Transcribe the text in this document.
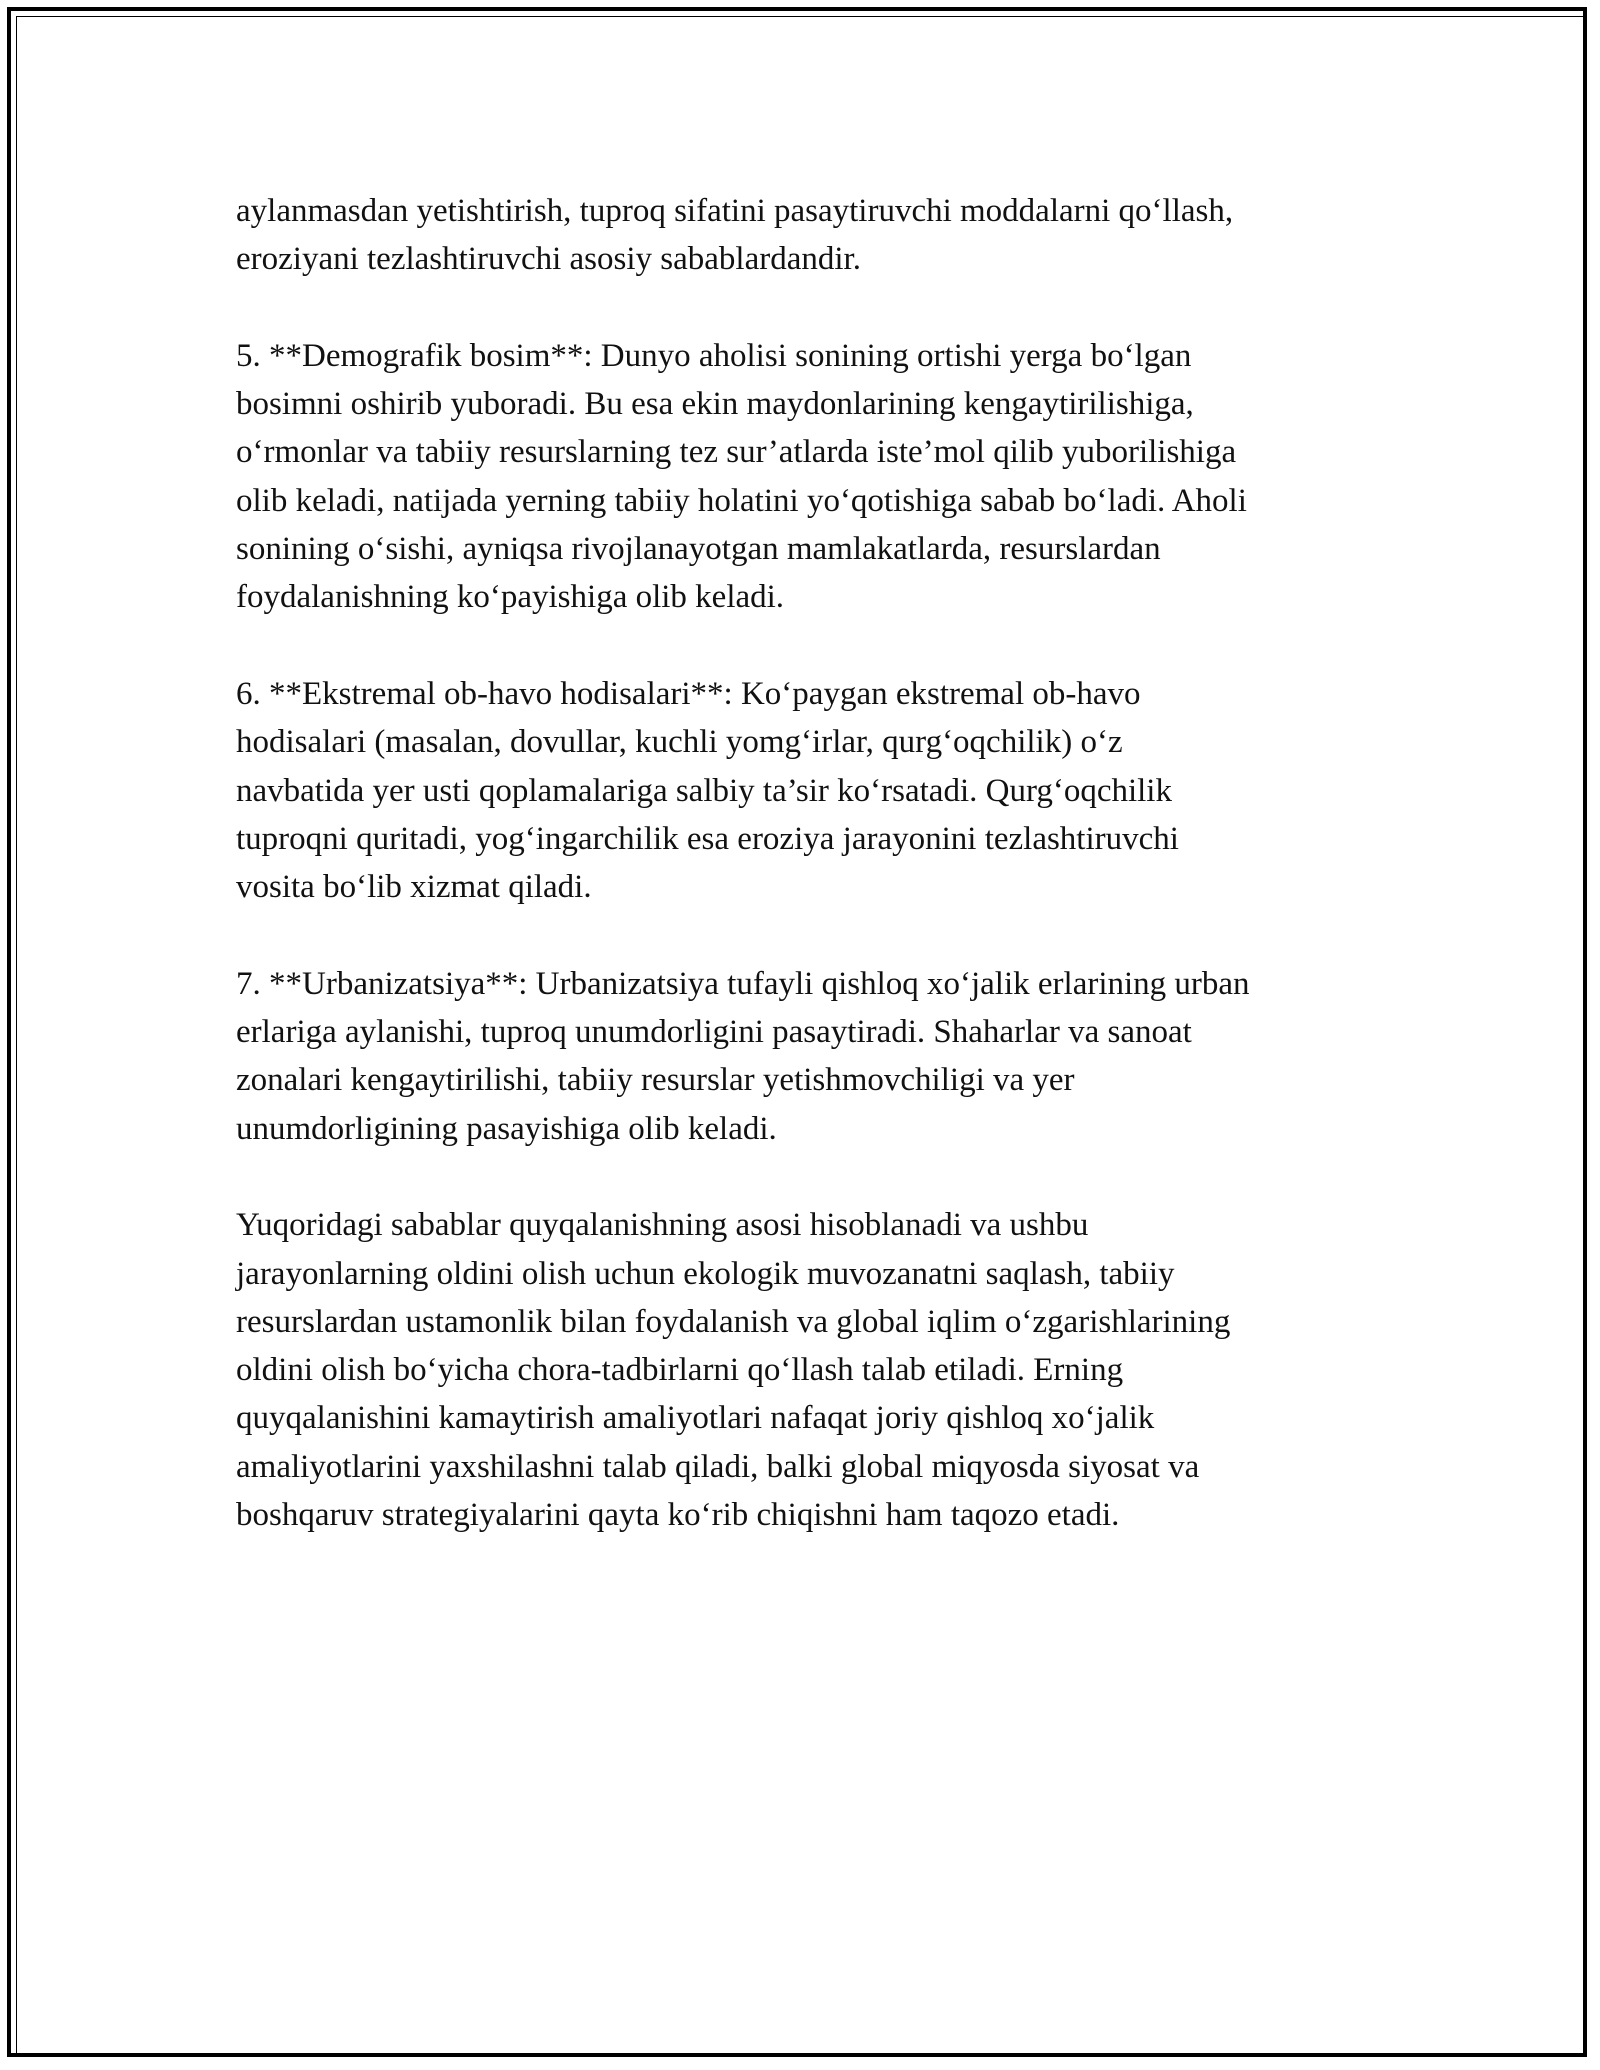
aylanmasdan yetishtirish, tuproq sifatini pasaytiruvchi moddalarni qo‘llash,
eroziyani tezlashtiruvchi asosiy sabablardandir.

5. **Demografik bosim**: Dunyo aholisi sonining ortishi yerga bo‘lgan
bosimni oshirib yuboradi. Bu esa ekin maydonlarining kengaytirilishiga,
o‘rmonlar va tabiiy resurslarning tez sur’atlarda iste’mol qilib yuborilishiga
olib keladi, natijada yerning tabiiy holatini yo‘qotishiga sabab bo‘ladi. Aholi
sonining o‘sishi, ayniqsa rivojlanayotgan mamlakatlarda, resurslardan
foydalanishning ko‘payishiga olib keladi.

6. **Ekstremal ob-havo hodisalari**: Ko‘paygan ekstremal ob-havo
hodisalari (masalan, dovullar, kuchli yomg‘irlar, qurg‘oqchilik) o‘z
navbatida yer usti qoplamalariga salbiy ta’sir ko‘rsatadi. Qurg‘oqchilik
tuproqni quritadi, yog‘ingarchilik esa eroziya jarayonini tezlashtiruvchi
vosita bo‘lib xizmat qiladi.

7. **Urbanizatsiya**: Urbanizatsiya tufayli qishloq xo‘jalik erlarining urban
erlariga aylanishi, tuproq unumdorligini pasaytiradi. Shaharlar va sanoat
zonalari kengaytirilishi, tabiiy resurslar yetishmovchiligi va yer
unumdorligining pasayishiga olib keladi.

Yuqoridagi sabablar quyqalanishning asosi hisoblanadi va ushbu
jarayonlarning oldini olish uchun ekologik muvozanatni saqlash, tabiiy
resurslardan ustamonlik bilan foydalanish va global iqlim o‘zgarishlarining
oldini olish bo‘yicha chora-tadbirlarni qo‘llash talab etiladi. Erning
quyqalanishini kamaytirish amaliyotlari nafaqat joriy qishloq xo‘jalik
amaliyotlarini yaxshilashni talab qiladi, balki global miqyosda siyosat va
boshqaruv strategiyalarini qayta ko‘rib chiqishni ham taqozo etadi.
